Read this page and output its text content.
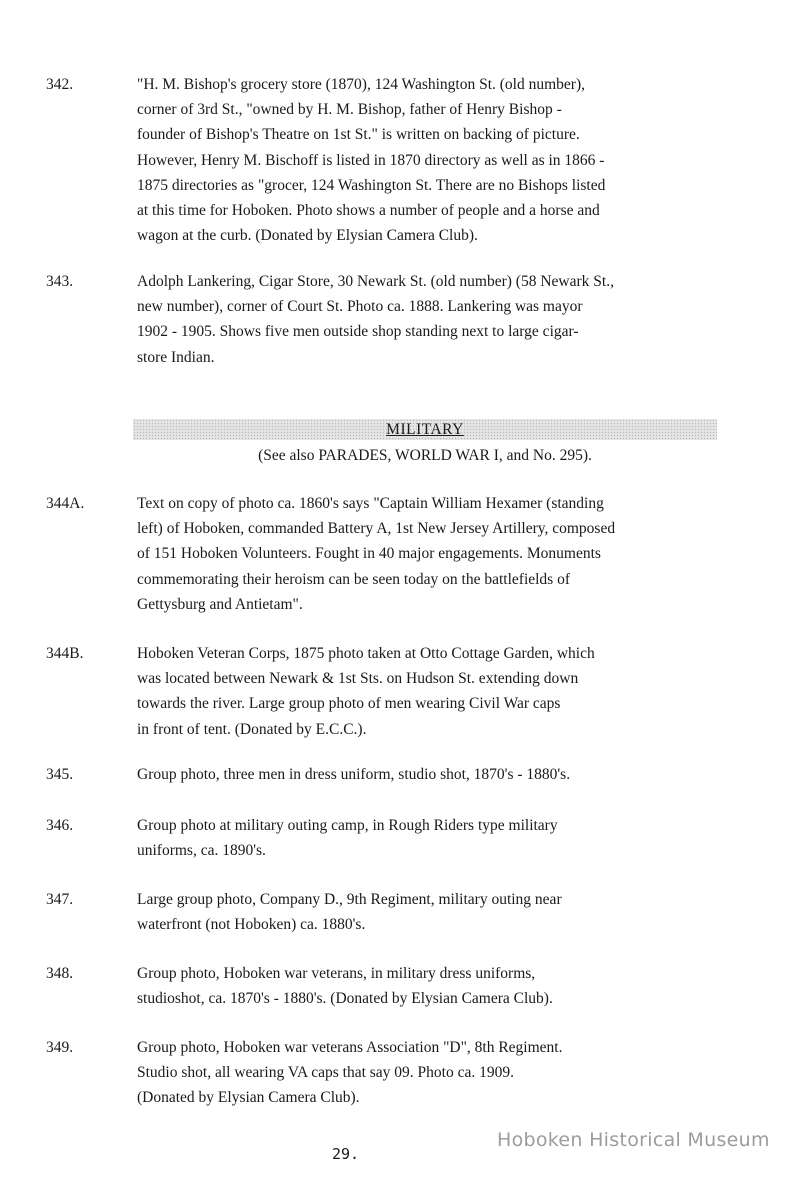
342.	"H. M. Bishop's grocery store (1870), 124 Washington St. (old number),
corner of 3rd St., "owned by H. M. Bishop, father of Henry Bishop -
founder of Bishop's Theatre on 1st St." is written on backing of picture.
However, Henry M. Bischoff is listed in 1870 directory as well as in 1866 -
1875 directories as "grocer, 124 Washington St. There are no Bishops listed
at this time for Hoboken. Photo shows a number of people and a horse and
wagon at the curb. (Donated by Elysian Camera Club).
343.	Adolph Lankering, Cigar Store, 30 Newark St. (old number) (58 Newark St.,
new number), corner of Court St. Photo ca. 1888. Lankering was mayor
1902 - 1905. Shows five men outside shop standing next to large cigar-
store Indian.
MILITARY
(See also PARADES, WORLD WAR I, and No. 295).
344A.	Text on copy of photo ca. 1860's says "Captain William Hexamer (standing
left) of Hoboken, commanded Battery A, 1st New Jersey Artillery, composed
of 151 Hoboken Volunteers. Fought in 40 major engagements. Monuments
commemorating their heroism can be seen today on the battlefields of
Gettysburg and Antietam".
344B.	Hoboken Veteran Corps, 1875 photo taken at Otto Cottage Garden, which
was located between Newark & 1st Sts. on Hudson St. extending down
towards the river. Large group photo of men wearing Civil War caps
in front of tent. (Donated by E.C.C.).
345.	Group photo, three men in dress uniform, studio shot, 1870's - 1880's.
346.	Group photo at military outing camp, in Rough Riders type military
uniforms, ca. 1890's.
347.	Large group photo, Company D., 9th Regiment, military outing near
waterfront (not Hoboken) ca. 1880's.
348.	Group photo, Hoboken war veterans, in military dress uniforms,
studioshot, ca. 1870's - 1880's. (Donated by Elysian Camera Club).
349.	Group photo, Hoboken war veterans Association "D", 8th Regiment.
Studio shot, all wearing VA caps that say 09. Photo ca. 1909.
(Donated by Elysian Camera Club).
Hoboken Historical Museum
29.
